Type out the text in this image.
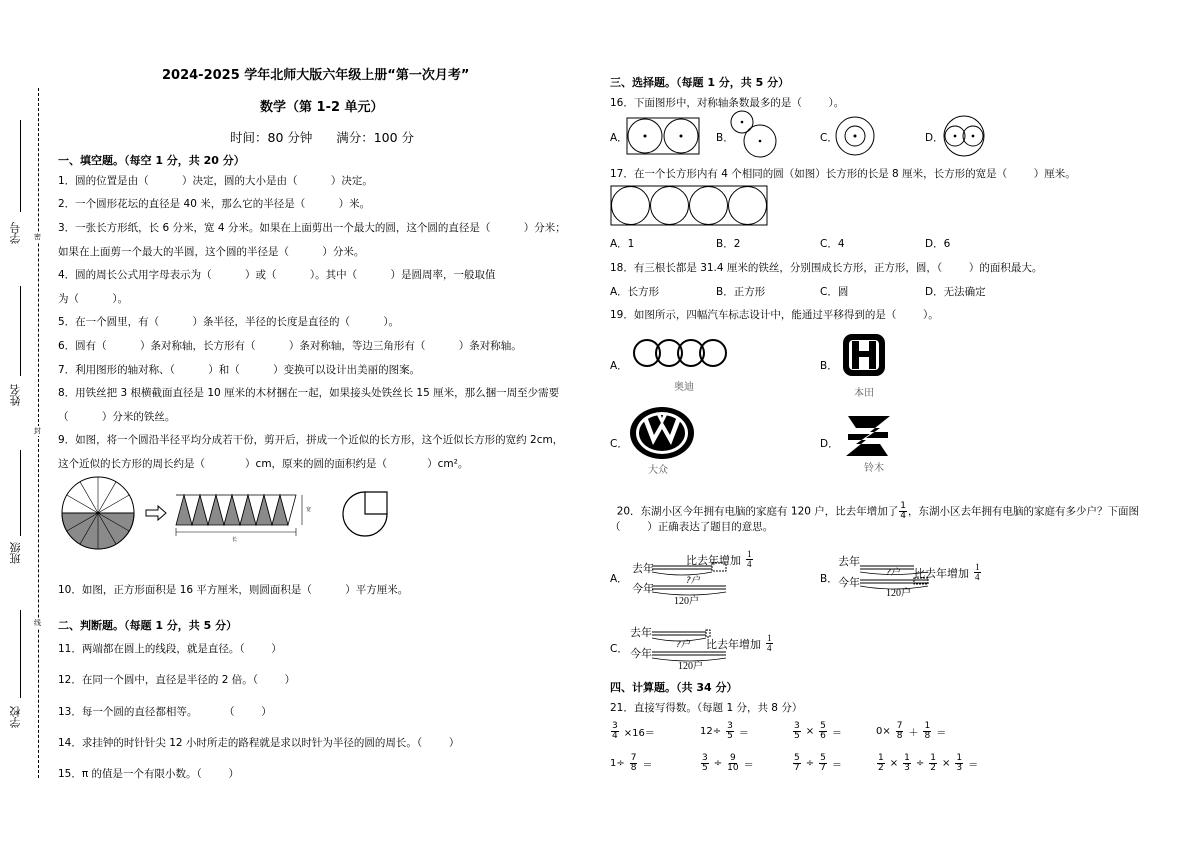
密
封
线
学号
姓名
班级
学校
2024-2025 学年北师大版六年级上册“第一次月考”
数学（第 1-2 单元）
时间：80 分钟      满分：100 分
一、填空题。（每空 1 分，共 20 分）
1．圆的位置是由（          ）决定，圆的大小是由（          ）决定。
2．一个圆形花坛的直径是 40 米，那么它的半径是（          ）米。
3．一张长方形纸，长 6 分米，宽 4 分米。如果在上面剪出一个最大的圆，这个圆的直径是（          ）分米；
如果在上面剪一个最大的半圆，这个圆的半径是（          ）分米。
4．圆的周长公式用字母表示为（          ）或（          ）。其中（          ）是圆周率，一般取值
为（          ）。
5．在一个圆里，有（          ）条半径，半径的长度是直径的（          ）。
6．圆有（          ）条对称轴，长方形有（          ）条对称轴，等边三角形有（          ）条对称轴。
7．利用图形的轴对称、（          ）和（          ）变换可以设计出美丽的图案。
8．用铁丝把 3 根横截面直径是 10 厘米的木材捆在一起，如果接头处铁丝长 15 厘米，那么捆一周至少需要
（          ）分米的铁丝。
9．如图，将一个圆沿半径平均分成若干份，剪开后，拼成一个近似的长方形，这个近似长方形的宽约 2cm，
这个近似的长方形的周长约是（            ）cm，原来的圆的面积约是（            ）cm²。
宽
长
10．如图，正方形面积是 16 平方厘米，则圆面积是（          ）平方厘米。
二、判断题。（每题 1 分，共 5 分）
11．两端都在圆上的线段，就是直径。（        ）
12．在同一个圆中，直径是半径的 2 倍。（        ）
13．每一个圆的直径都相等。        （        ）
14．求挂钟的时针针尖 12 小时所走的路程就是求以时针为半径的圆的周长。（        ）
15．π 的值是一个有限小数。（        ）
三、选择题。（每题 1 分，共 5 分）
16．下面图形中，对称轴条数最多的是（        ）。
A．	B．	C．	D．
17．在一个长方形内有 4 个相同的圆（如图）长方形的长是 8 厘米，长方形的宽是（        ）厘米。
A．1	B．2	C．4	D．6
18．有三根长都是 31.4 厘米的铁丝，分别围成长方形，正方形，圆，（        ）的面积最大。
A．长方形	B．正方形	C．圆	D．无法确定
19．如图所示，四幅汽车标志设计中，能通过平移得到的是（        ）。
A．
奥迪
B．
本田
C．
大众
D．
铃木

20．东湖小区今年拥有电脑的家庭有 120 户，比去年增加了 $\frac{1}{4}$ ，东湖小区去年拥有电脑的家庭有多少户？下面图

（        ）正确表达了题目的意思。
A．
去年
今年
?户
120户
比去年增加 $\frac{1}{4}$
B．
去年
今年
?户
120户
比去年增加 $\frac{1}{4}$
C．
去年
今年
?户
120户
比去年增加 $\frac{1}{4}$
四、计算题。（共 34 分）
21．直接写得数。（每题 1 分，共 8 分）
$\frac{3}{4} \times 16=$	$12\div \frac{3}{5}$ ＝	$\frac{3}{5} \times \frac{5}{6}$ ＝	$0\times \frac{7}{8} + \frac{1}{8}$ ＝
$1\div \frac{7}{8}$ ＝	$\frac{3}{5} \div \frac{9}{10}$ ＝	$\frac{5}{7} \div \frac{5}{7}$ ＝	$\frac{1}{2} \times \frac{1}{3} \div \frac{1}{2} \times \frac{1}{3}$ ＝
